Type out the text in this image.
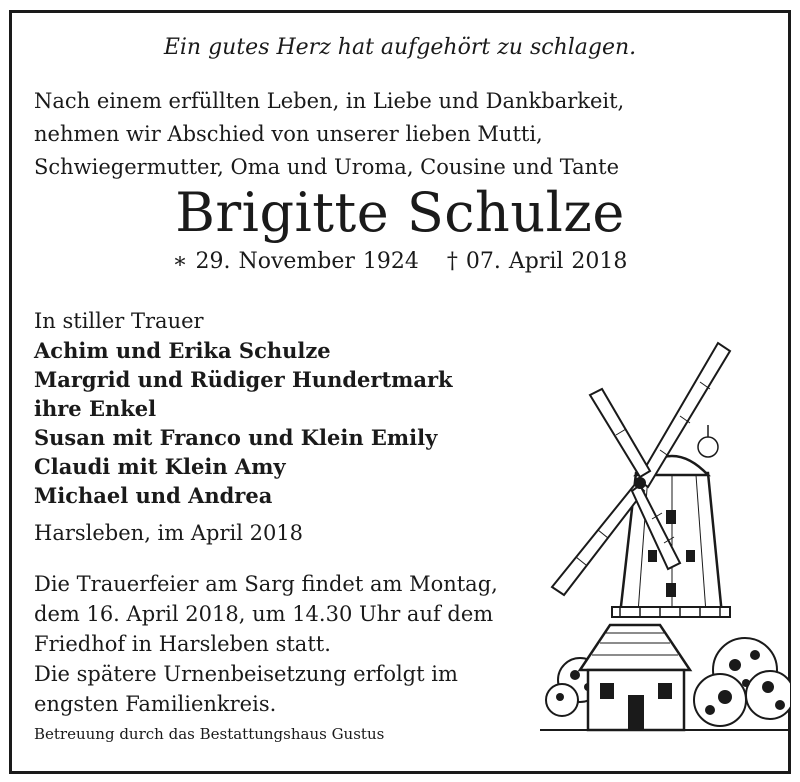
Ein gutes Herz hat aufgehört zu schlagen.
Nach einem erfüllten Leben, in Liebe und Dankbarkeit,
nehmen wir Abschied von unserer lieben Mutti,
Schwiegermutter, Oma und Uroma, Cousine und Tante
Brigitte Schulze
∗ 29. November 1924 † 07. April 2018
In stiller Trauer
Achim und Erika Schulze
Margrid und Rüdiger Hundertmark
ihre Enkel
Susan mit Franco und Klein Emily
Claudi mit Klein Amy
Michael und Andrea
Harsleben, im April 2018
Die Trauerfeier am Sarg findet am Montag,
dem 16. April 2018, um 14.30 Uhr auf dem
Friedhof in Harsleben statt.
Die spätere Urnenbeisetzung erfolgt im
engsten Familienkreis.
Betreuung durch das Bestattungshaus Gustus
